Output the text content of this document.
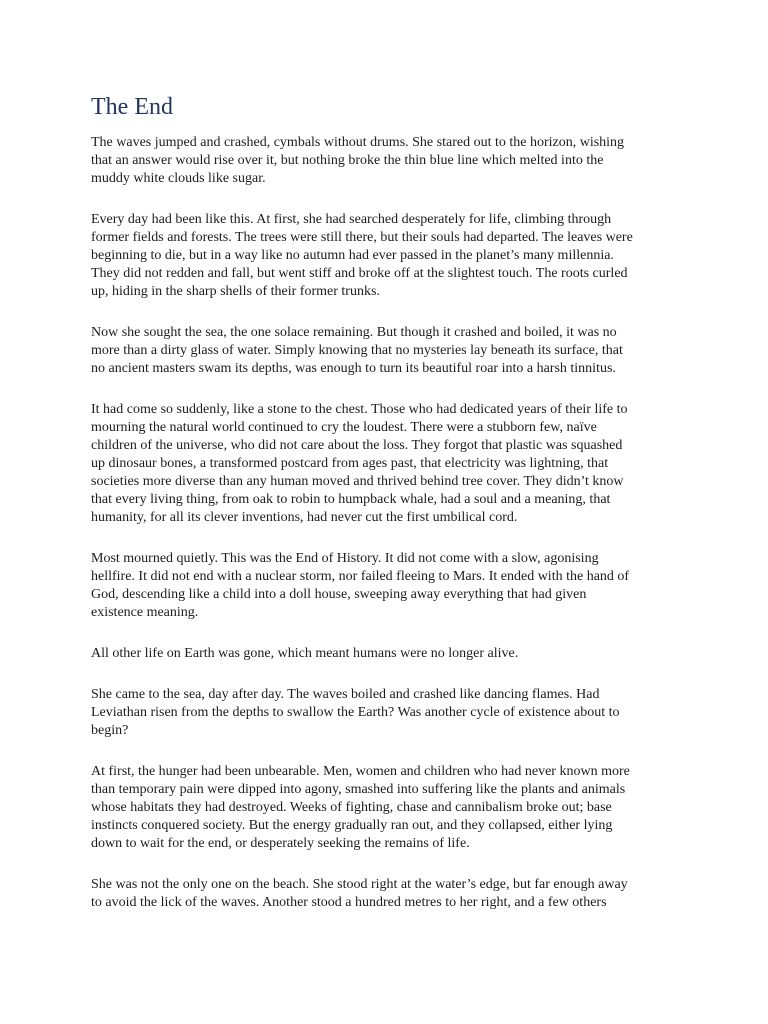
The End

The waves jumped and crashed, cymbals without drums. She stared out to the horizon, wishing
that an answer would rise over it, but nothing broke the thin blue line which melted into the
muddy white clouds like sugar.

Every day had been like this. At first, she had searched desperately for life, climbing through
former fields and forests. The trees were still there, but their souls had departed. The leaves were
beginning to die, but in a way like no autumn had ever passed in the planet’s many millennia.
They did not redden and fall, but went stiff and broke off at the slightest touch. The roots curled
up, hiding in the sharp shells of their former trunks.

Now she sought the sea, the one solace remaining. But though it crashed and boiled, it was no
more than a dirty glass of water. Simply knowing that no mysteries lay beneath its surface, that
no ancient masters swam its depths, was enough to turn its beautiful roar into a harsh tinnitus.

It had come so suddenly, like a stone to the chest. Those who had dedicated years of their life to
mourning the natural world continued to cry the loudest. There were a stubborn few, naïve
children of the universe, who did not care about the loss. They forgot that plastic was squashed
up dinosaur bones, a transformed postcard from ages past, that electricity was lightning, that
societies more diverse than any human moved and thrived behind tree cover. They didn’t know
that every living thing, from oak to robin to humpback whale, had a soul and a meaning, that
humanity, for all its clever inventions, had never cut the first umbilical cord.

Most mourned quietly. This was the End of History. It did not come with a slow, agonising
hellfire. It did not end with a nuclear storm, nor failed fleeing to Mars. It ended with the hand of
God, descending like a child into a doll house, sweeping away everything that had given
existence meaning.

All other life on Earth was gone, which meant humans were no longer alive.

She came to the sea, day after day. The waves boiled and crashed like dancing flames. Had
Leviathan risen from the depths to swallow the Earth? Was another cycle of existence about to
begin?

At first, the hunger had been unbearable. Men, women and children who had never known more
than temporary pain were dipped into agony, smashed into suffering like the plants and animals
whose habitats they had destroyed. Weeks of fighting, chase and cannibalism broke out; base
instincts conquered society. But the energy gradually ran out, and they collapsed, either lying
down to wait for the end, or desperately seeking the remains of life.

She was not the only one on the beach. She stood right at the water’s edge, but far enough away
to avoid the lick of the waves. Another stood a hundred metres to her right, and a few others
